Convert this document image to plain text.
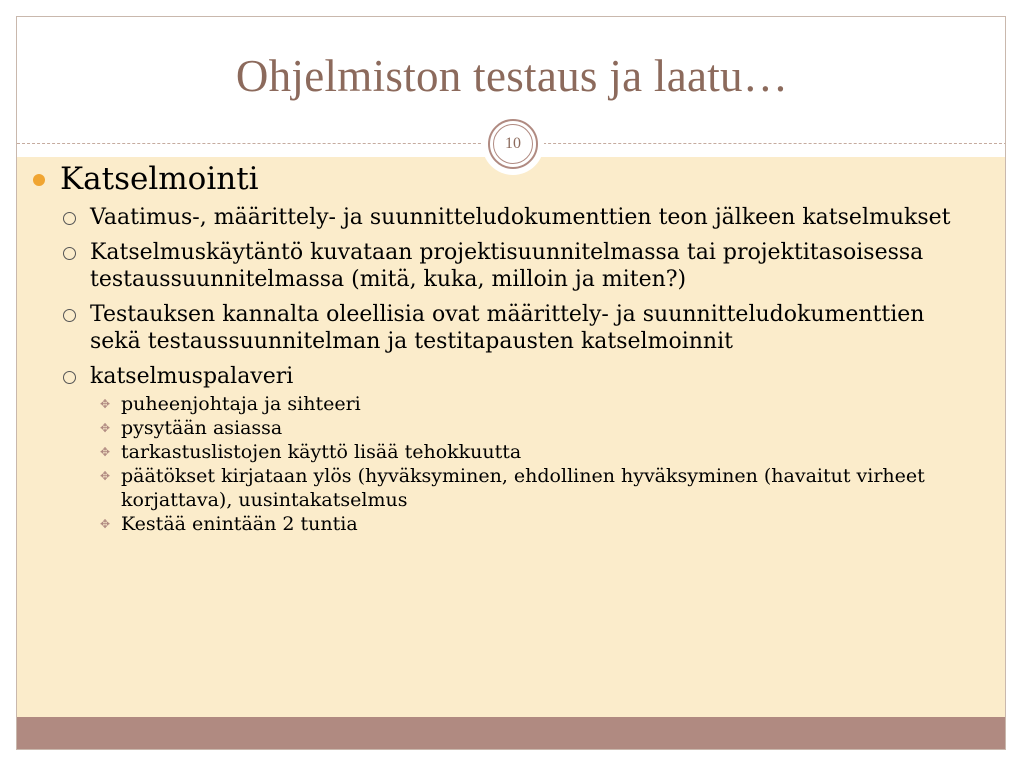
Ohjelmiston testaus ja laatu…
10
Katselmointi
Vaatimus-, määrittely- ja suunnitteludokumenttien teon jälkeen katselmukset
Katselmuskäytäntö kuvataan projektisuunnitelmassa tai projektitasoisessa testaussuunnitelmassa (mitä, kuka, milloin ja miten?)
Testauksen kannalta oleellisia ovat määrittely- ja suunnitteludokumenttien sekä testaussuunnitelman ja testitapausten katselmoinnit
katselmuspalaveri
✥ puheenjohtaja ja sihteeri
✥ pysytään asiassa
✥ tarkastuslistojen käyttö lisää tehokkuutta
✥ päätökset kirjataan ylös (hyväksyminen, ehdollinen hyväksyminen (havaitut virheet korjattava), uusintakatselmus
✥ Kestää enintään 2 tuntia
